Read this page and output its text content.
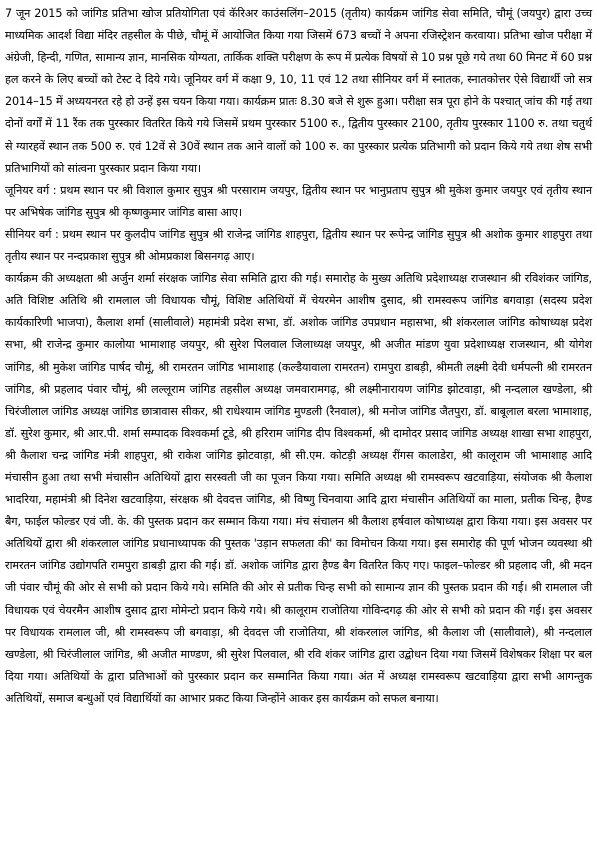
7 जून 2015 को जांगिड प्रतिभा खोज प्रतियोगिता एवं कॅरिअर काउंसलिंग–2015 (तृतीय) कार्यक्रम जांगिड सेवा समिति, चौमूं (जयपुर) द्वारा उच्च माध्यमिक आदर्श विद्या मंदिर तहसील के पीछे, चौमूं में आयोजित किया गया जिसमें 673 बच्चों ने अपना रजिस्ट्रेशन करवाया। प्रतिभा खोज परीक्षा में अंग्रेजी, हिन्दी, गणित, सामान्य ज्ञान, मानसिक योग्यता, तार्किक शक्ति परीक्षण के रूप में प्रत्येक विषयों से 10 प्रश्न पूछे गये तथा 60 मिनट में 60 प्रश्न हल करने के लिए बच्चों को टेस्ट दे दिये गये। जूनियर वर्ग में कक्षा 9, 10, 11 एवं 12 तथा सीनियर वर्ग में स्नातक, स्नातकोत्तर ऐसे विद्यार्थी जो सत्र 2014–15 में अध्ययनरत रहे हो उन्हें इस चयन किया गया। कार्यक्रम प्रातः 8.30 बजे से शुरू हुआ। परीक्षा सत्र पूरा होने के पश्चात् जांच की गई तथा दोनों वर्गों में 11 रैंक तक पुरस्कार वितरित किये गये जिसमें प्रथम पुरस्कार 5100 रु., द्वितीय पुरस्कार 2100, तृतीय पुरस्कार 1100 रु. तथा चतुर्थ से ग्यारहवें स्थान तक 500 रु. एवं 12वें से 30वें स्थान तक आने वालों को 100 रु. का पुरस्कार प्रत्येक प्रतिभागी को प्रदान किये गये तथा शेष सभी प्रतिभागियों को सांत्वना पुरस्कार प्रदान किया गया।

जूनियर वर्ग : प्रथम स्थान पर श्री विशाल कुमार सुपुत्र श्री परसाराम जयपुर, द्वितीय स्थान पर भानुप्रताप सुपुत्र श्री मुकेश कुमार जयपुर एवं तृतीय स्थान पर अभिषेक जांगिड सुपुत्र श्री कृष्णकुमार जांगिड बासा आए।

सीनियर वर्ग : प्रथम स्थान पर कुलदीप जांगिड सुपुत्र श्री राजेन्द्र जांगिड शाहपुरा, द्वितीय स्थान पर रूपेन्द्र जांगिड सुपुत्र श्री अशोक कुमार शाहपुरा तथा तृतीय स्थान पर नन्दप्रकाश सुपुत्र श्री ओमप्रकाश बिसनगढ़ आए।

कार्यक्रम की अध्यक्षता श्री अर्जुन शर्मा संरक्षक जांगिड सेवा समिति द्वारा की गई। समारोह के मुख्य अतिथि प्रदेशाध्यक्ष राजस्थान श्री रविशंकर जांगिड, अति विशिष्ट अतिथि श्री रामलाल जी विधायक चौमूं, विशिष्ट अतिथियों में चेयरमेन आशीष दुसाद, श्री रामस्वरूप जांगिड बगवाड़ा (सदस्य प्रदेश कार्यकारिणी भाजपा), कैलाश शर्मा (सालीवाले) महामंत्री प्रदेश सभा, डॉ. अशोक जांगिड उपप्रधान महासभा, श्री शंकरलाल जांगिड कोषाध्यक्ष प्रदेश सभा, श्री राजेन्द्र कुमार कालोया भामाशाह जयपुर, श्री सुरेश पिलवाल जिलाध्यक्ष जयपुर, श्री अजीत मांडण युवा प्रदेशाध्यक्ष राजस्थान, श्री योगेश जांगिड, श्री मुकेश जांगिड पार्षद चौमूं, श्री रामरतन जांगिड भामाशाह (कल्डैयावाला रामरतन) रामपुरा डाबड़ी, श्रीमती लक्ष्मी देवी धर्मपत्नी श्री रामरतन जांगिड, श्री प्रहलाद पंवार चौमूं, श्री लल्लूराम जांगिड तहसील अध्यक्ष जमवारामगढ़, श्री लक्ष्मीनारायण जांगिड झोटवाड़ा, श्री नन्दलाल खण्डेला, श्री चिरंजीलाल जांगिड अध्यक्ष जांगिड छात्रावास सीकर, श्री राधेश्याम जांगिड मुण्डली (रैनवाल), श्री मनोज जांगिड जैतपुरा, डॉ. बाबूलाल बरला भामाशाह, डॉ. सुरेश कुमार, श्री आर.पी. शर्मा सम्पादक विश्वकर्मा टूडे, श्री हरिराम जांगिड दीप विश्वकर्मा, श्री दामोदर प्रसाद जांगिड अध्यक्ष शाखा सभा शाहपुरा, श्री कैलाश चन्द्र जांगिड मंत्री शाहपुरा, श्री राकेश जांगिड झोटवाड़ा, श्री सी.एम. कोटड़ी अध्यक्ष रींगस कालाडेरा, श्री कालूराम जी भामाशाह आदि मंचासीन हुआ तथा सभी मंचासीन अतिथियों द्वारा सरस्वती जी का पूजन किया गया। समिति अध्यक्ष श्री रामस्वरूप खटवाड़िया, संयोजक श्री कैलाश भादरिया, महामंत्री श्री दिनेश खटवाड़िया, संरक्षक श्री देवदत्त जांगिड, श्री विष्णु चिनवाया आदि द्वारा मंचासीन अतिथियों का माला, प्रतीक चिन्ह, हैण्ड बैग, फाईल फोल्डर एवं जी. के. की पुस्तक प्रदान कर सम्मान किया गया। मंच संचालन श्री कैलाश हर्षवाल कोषाध्यक्ष द्वारा किया गया। इस अवसर पर अतिथियों द्वारा श्री शंकरलाल जांगिड प्रधानाध्यापक की पुस्तक 'उड़ान सफलता की' का विमोचन किया गया। इस समारोह की पूर्ण भोजन व्यवस्था श्री रामरतन जांगिड उद्योगपति रामपुरा डाबड़ी द्वारा की गई। डॉ. अशोक जांगिड द्वारा हैण्ड बैग वितरित किए गए। फाइल–फोल्डर श्री प्रहलाद जी, श्री मदन जी पंवार चौमूं की ओर से सभी को प्रदान किये गये। समिति की ओर से प्रतीक चिन्ह सभी को सामान्य ज्ञान की पुस्तक प्रदान की गई। श्री रामलाल जी विधायक एवं चेयरमैन आशीष दुसाद द्वारा मोमेन्टो प्रदान किये गये। श्री कालूराम राजोतिया गोविन्दगढ़ की ओर से सभी को प्रदान की गई। इस अवसर पर विधायक रामलाल जी, श्री रामस्वरूप जी बगवाड़ा, श्री देवदत्त जी राजोतिया, श्री शंकरलाल जांगिड, श्री कैलाश जी (सालीवाले), श्री नन्दलाल खण्डेला, श्री चिरंजीलाल जांगिड, श्री अजीत माण्डण, श्री सुरेश पिलवाल, श्री रवि शंकर जांगिड द्वारा उद्बोधन दिया गया जिसमें विशेषकर शिक्षा पर बल दिया गया। अतिथियों के द्वारा प्रतिभाओं को पुरस्कार प्रदान कर सम्मानित किया गया। अंत में अध्यक्ष रामस्वरूप खटवाड़िया द्वारा सभी आगन्तुक अतिथियों, समाज बन्धुओं एवं विद्यार्थियों का आभार प्रकट किया जिन्होंने आकर इस कार्यक्रम को सफल बनाया।
